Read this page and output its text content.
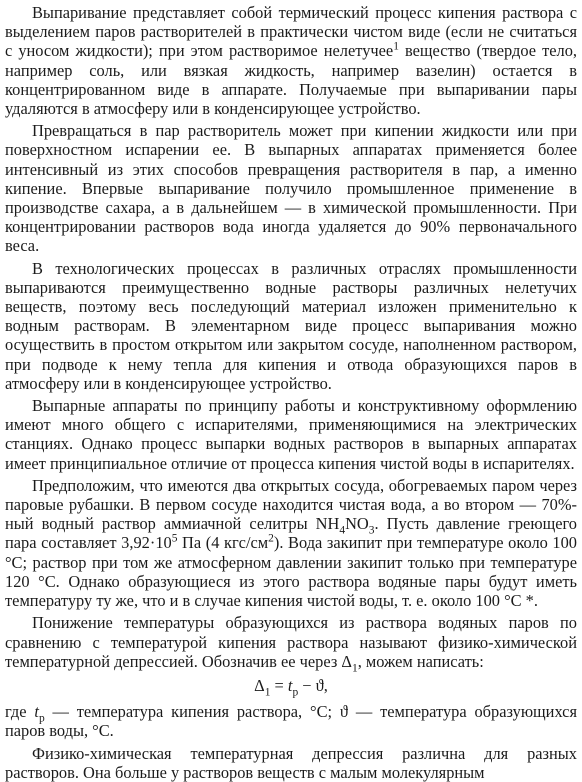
Выпаривание представляет собой термический процесс кипения раствора с выделением паров растворителей в практически чистом виде (если не считаться с уносом жидкости); при этом растворимое нелетучее$^1$ вещество (твердое тело, например соль, или вязкая жидкость, например вазелин) остается в концентрированном виде в аппарате. Получаемые при выпаривании пары удаляются в атмосферу или в конденсирующее устройство.

Превращаться в пар растворитель может при кипении жидкости или при поверхностном испарении ее. В выпарных аппаратах применяется более интенсивный из этих способов превращения растворителя в пар, а именно кипение. Впервые выпаривание получило промышленное применение в производстве сахара, а в дальнейшем — в химической промышленности. При концентрировании растворов вода иногда удаляется до 90% первоначального веса.

В технологических процессах в различных отраслях промышленности выпариваются преимущественно водные растворы различных нелетучих веществ, поэтому весь последующий материал изложен применительно к водным растворам. В элементарном виде процесс выпаривания можно осуществить в простом открытом или закрытом сосуде, наполненном раствором, при подводе к нему тепла для кипения и отвода образующихся паров в атмосферу или в конденсирующее устройство.

Выпарные аппараты по принципу работы и конструктивному оформлению имеют много общего с испарителями, применяющимися на электрических станциях. Однако процесс выпарки водных растворов в выпарных аппаратах имеет принципиальное отличие от процесса кипения чистой воды в испарителях.

Предположим, что имеются два открытых сосуда, обогреваемых паром через паровые рубашки. В первом сосуде находится чистая вода, а во втором — 70%-ный водный раствор аммиачной селитры $NH_4NO_3$. Пусть давление греющего пара составляет $3,92\cdot 10^5$ Па (4 кгс/$см^2$). Вода закипит при температуре около 100 °С; раствор при том же атмосферном давлении закипит только при температуре 120 °С. Однако образующиеся из этого раствора водяные пары будут иметь температуру ту же, что и в случае кипения чистой воды, т. е. около 100 °С *.

Понижение температуры образующихся из раствора водяных паров по сравнению с температурой кипения раствора называют физико-химической температурной депрессией. Обозначив ее через $\Delta_1$, можем написать:

$\Delta_1 = t_р - ϑ$,

где $t_р$ — температура кипения раствора, °С; ϑ — температура образующихся паров воды, °С.

Физико-химическая температурная депрессия различна для разных растворов. Она больше у растворов веществ с малым молекулярным
